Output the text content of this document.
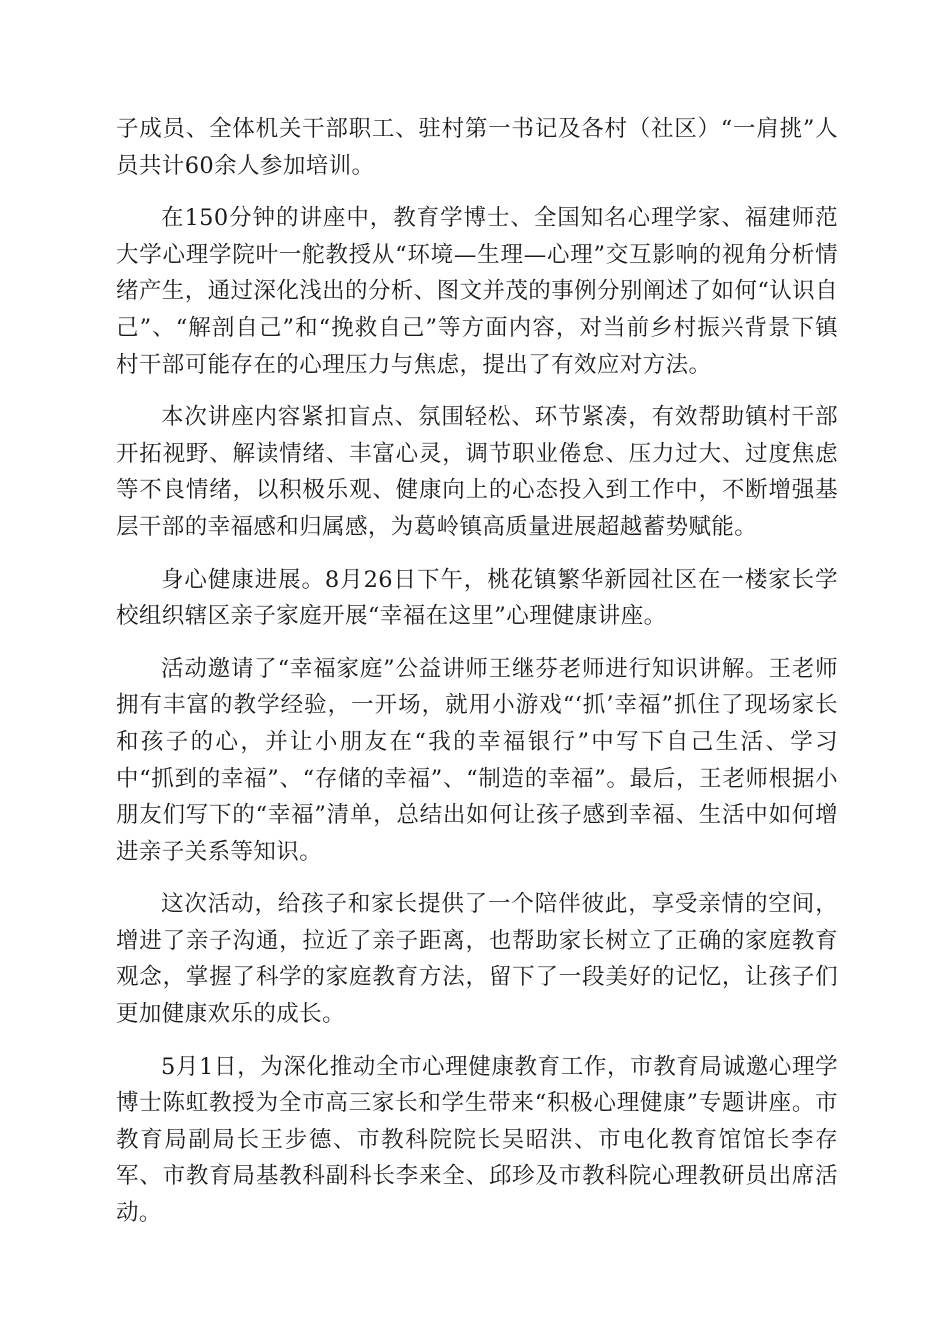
子成员、全体机关干部职工、驻村第一书记及各村（社区）“一肩挑”人员共计60余人参加培训。

在150分钟的讲座中，教育学博士、全国知名心理学家、福建师范大学心理学院叶一舵教授从“环境—生理—心理”交互影响的视角分析情绪产生，通过深化浅出的分析、图文并茂的事例分别阐述了如何“认识自己”、“解剖自己”和“挽救自己”等方面内容，对当前乡村振兴背景下镇村干部可能存在的心理压力与焦虑，提出了有效应对方法。

本次讲座内容紧扣盲点、氛围轻松、环节紧凑，有效帮助镇村干部开拓视野、解读情绪、丰富心灵，调节职业倦怠、压力过大、过度焦虑等不良情绪，以积极乐观、健康向上的心态投入到工作中，不断增强基层干部的幸福感和归属感，为葛岭镇高质量进展超越蓄势赋能。

身心健康进展。8月26日下午，桃花镇繁华新园社区在一楼家长学校组织辖区亲子家庭开展“幸福在这里”心理健康讲座。

活动邀请了“幸福家庭”公益讲师王继芬老师进行知识讲解。王老师拥有丰富的教学经验，一开场，就用小游戏“‘抓’幸福”抓住了现场家长和孩子的心，并让小朋友在“我的幸福银行”中写下自己生活、学习中“抓到的幸福”、“存储的幸福”、“制造的幸福”。最后，王老师根据小朋友们写下的“幸福”清单，总结出如何让孩子感到幸福、生活中如何增进亲子关系等知识。

这次活动，给孩子和家长提供了一个陪伴彼此，享受亲情的空间，增进了亲子沟通，拉近了亲子距离，也帮助家长树立了正确的家庭教育观念，掌握了科学的家庭教育方法，留下了一段美好的记忆，让孩子们更加健康欢乐的成长。

5月1日，为深化推动全市心理健康教育工作，市教育局诚邀心理学博士陈虹教授为全市高三家长和学生带来“积极心理健康”专题讲座。市教育局副局长王步德、市教科院院长吴昭洪、市电化教育馆馆长李存军、市教育局基教科副科长李来全、邱珍及市教科院心理教研员出席活动。
